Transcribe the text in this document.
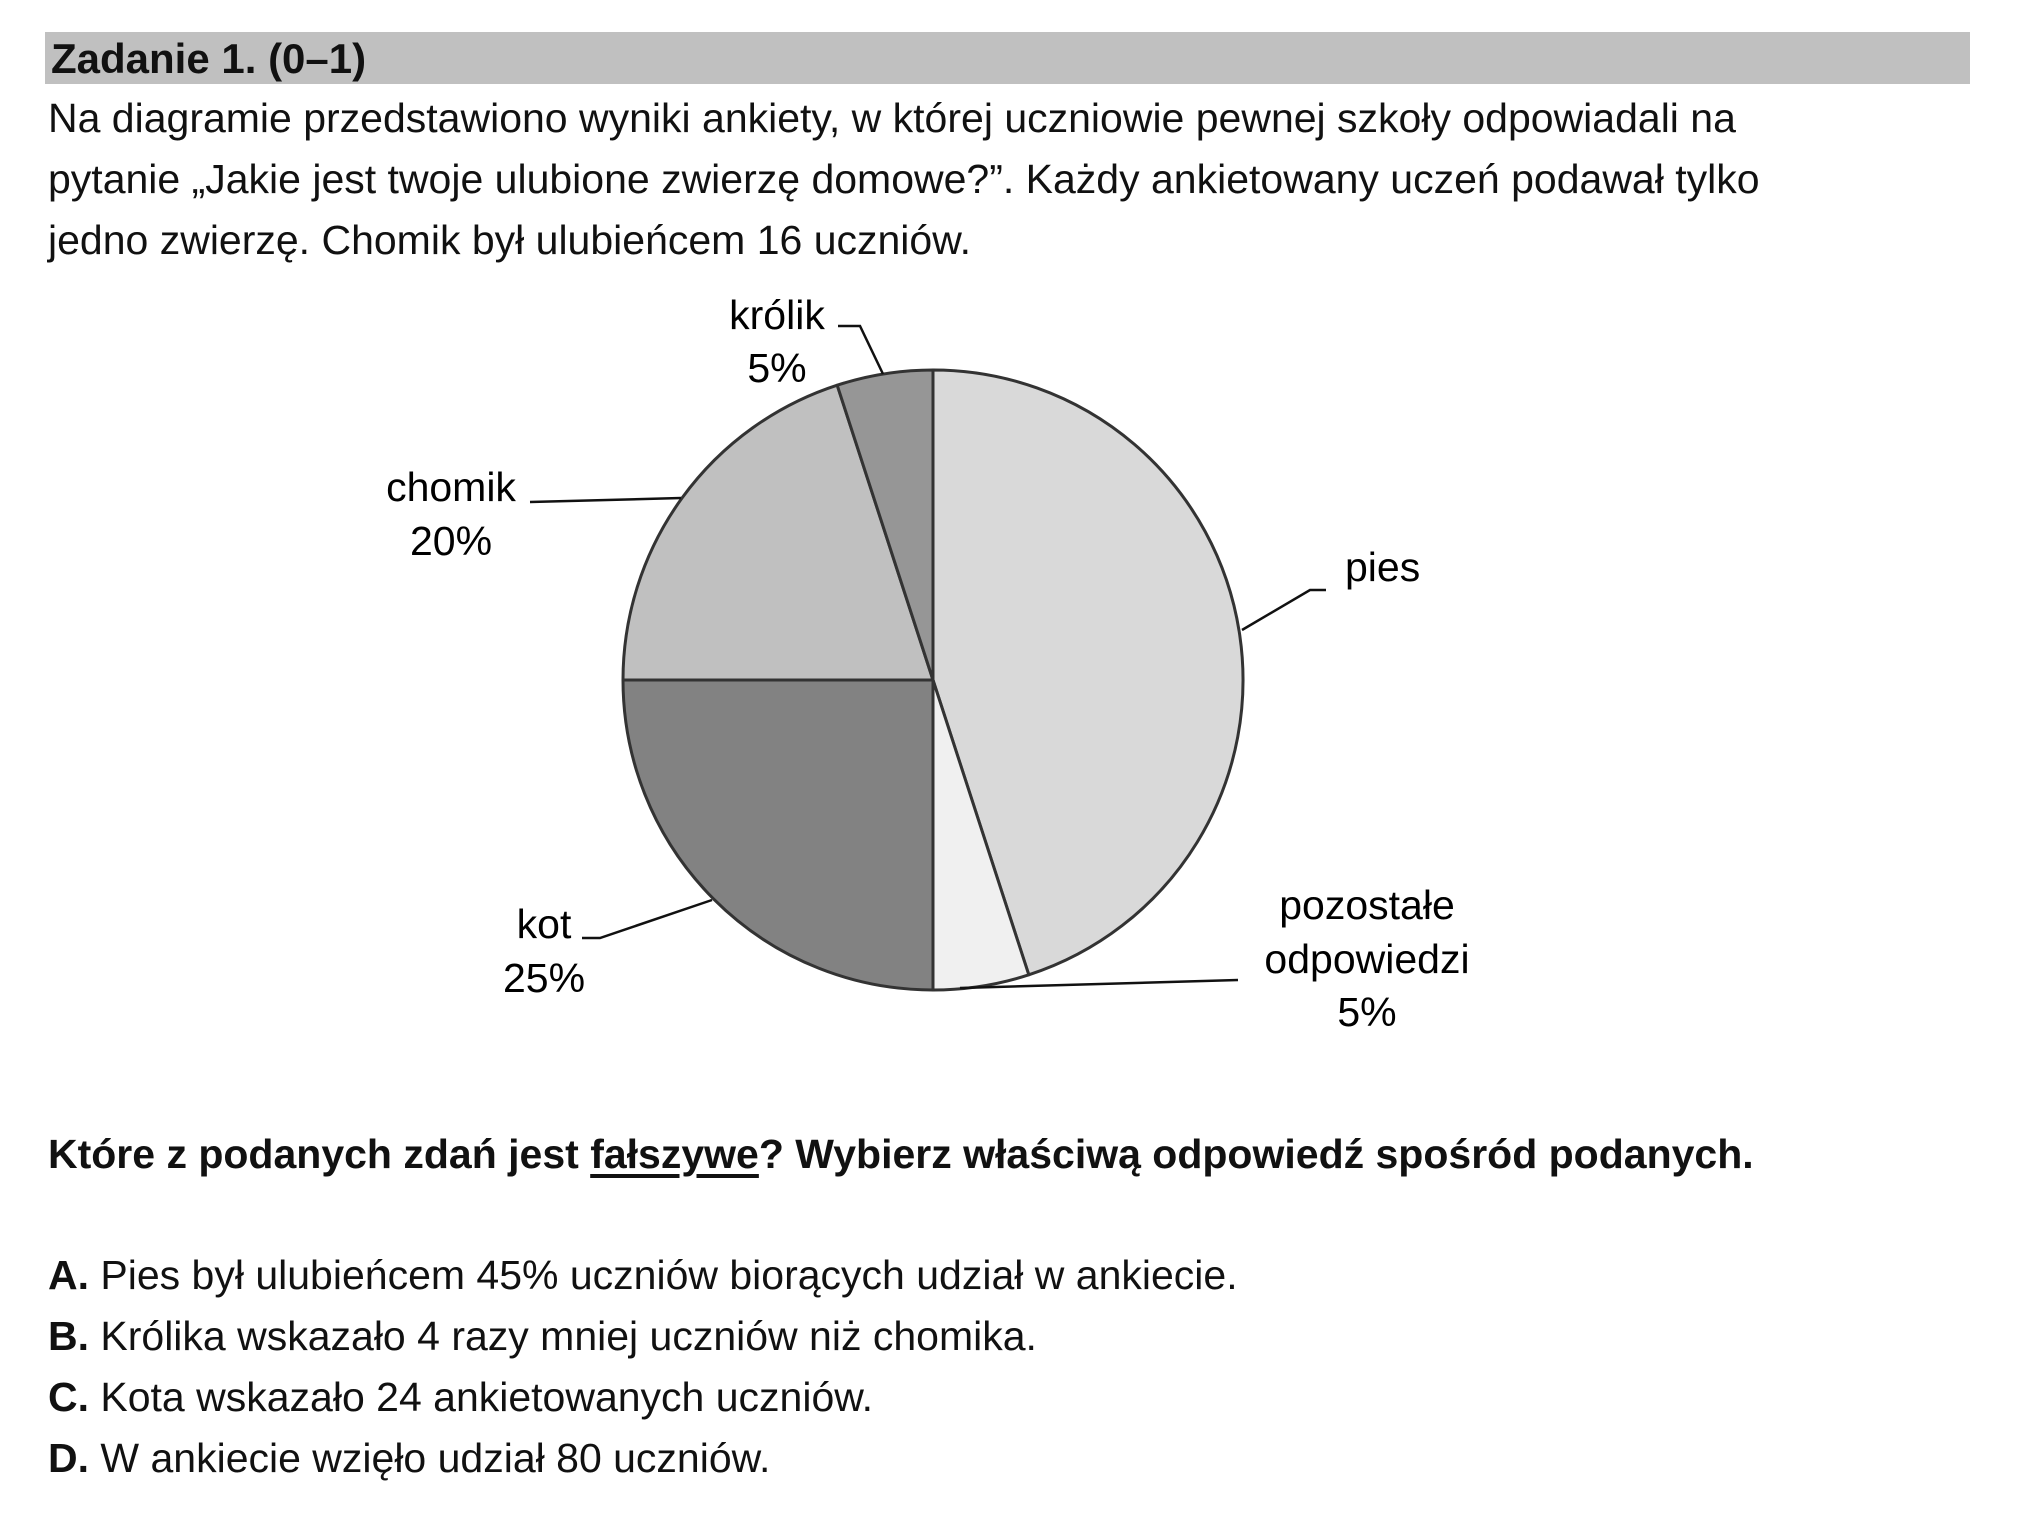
Zadanie 1. (0–1)
Na diagramie przedstawiono wyniki ankiety, w której uczniowie pewnej szkoły odpowiadali na
pytanie „Jakie jest twoje ulubione zwierzę domowe?”. Każdy ankietowany uczeń podawał tylko
jedno zwierzę. Chomik był ulubieńcem 16 uczniów.
królik
5%
chomik
20%
pies
kot
25%
pozostałe
odpowiedzi
5%

Które z podanych zdań jest fałszywe? Wybierz właściwą odpowiedź spośród podanych.

A. Pies był ulubieńcem 45% uczniów biorących udział w ankiecie.
B. Królika wskazało 4 razy mniej uczniów niż chomika.
C. Kota wskazało 24 ankietowanych uczniów.
D. W ankiecie wzięło udział 80 uczniów.
